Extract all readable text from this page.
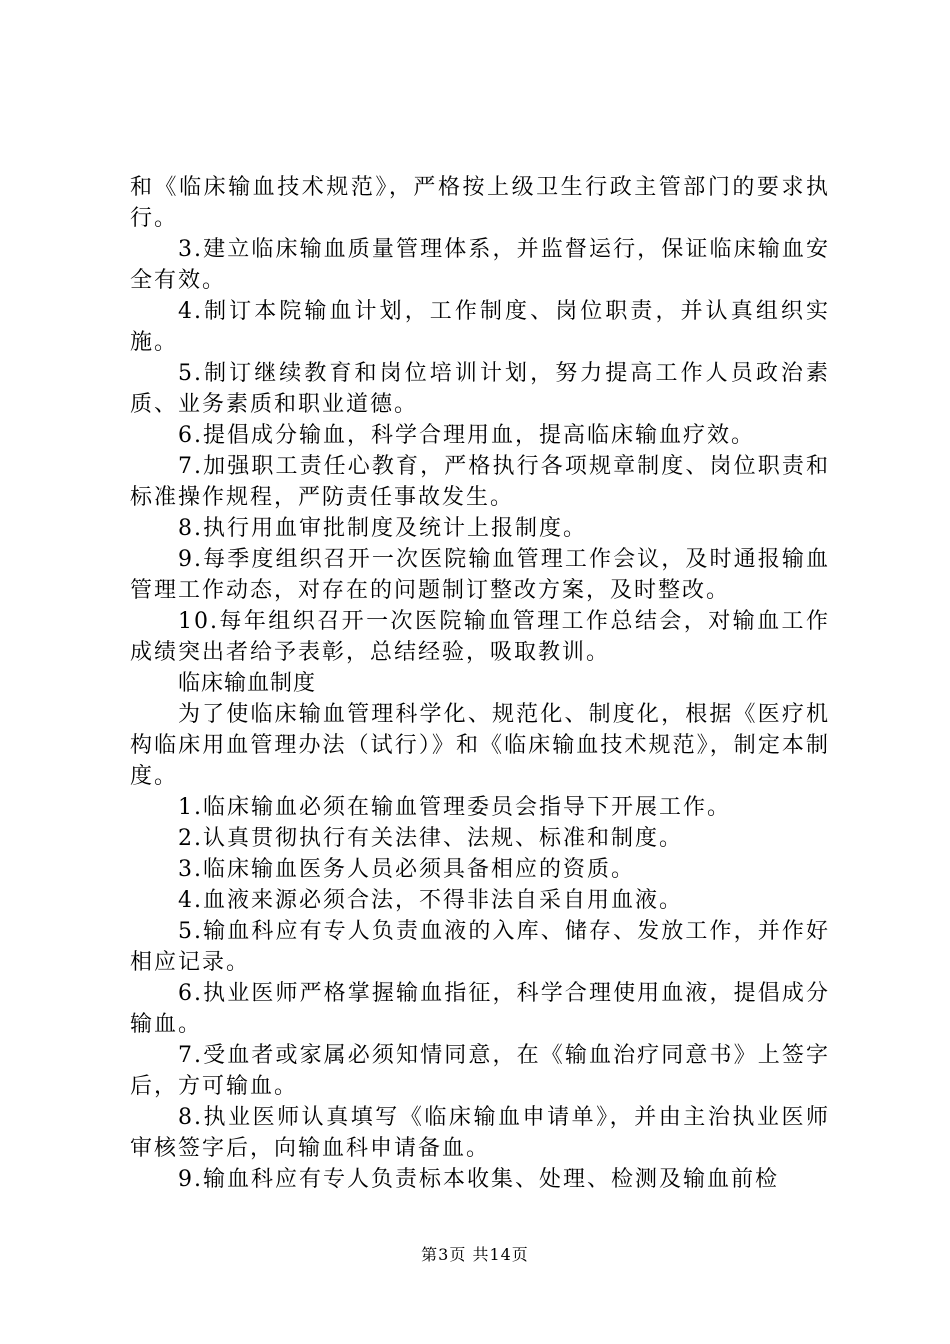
和《临床输血技术规范》，严格按上级卫生行政主管部门的要求执行。

3.建立临床输血质量管理体系，并监督运行，保证临床输血安全有效。

4.制订本院输血计划，工作制度、岗位职责，并认真组织实施。

5.制订继续教育和岗位培训计划，努力提高工作人员政治素质、业务素质和职业道德。

6.提倡成分输血，科学合理用血，提高临床输血疗效。

7.加强职工责任心教育，严格执行各项规章制度、岗位职责和标准操作规程，严防责任事故发生。

8.执行用血审批制度及统计上报制度。

9.每季度组织召开一次医院输血管理工作会议，及时通报输血管理工作动态，对存在的问题制订整改方案，及时整改。

10.每年组织召开一次医院输血管理工作总结会，对输血工作成绩突出者给予表彰，总结经验，吸取教训。

临床输血制度

为了使临床输血管理科学化、规范化、制度化，根据《医疗机构临床用血管理办法（试行）》和《临床输血技术规范》，制定本制度。

1.临床输血必须在输血管理委员会指导下开展工作。

2.认真贯彻执行有关法律、法规、标准和制度。

3.临床输血医务人员必须具备相应的资质。

4.血液来源必须合法，不得非法自采自用血液。

5.输血科应有专人负责血液的入库、储存、发放工作，并作好相应记录。

6.执业医师严格掌握输血指征，科学合理使用血液，提倡成分输血。

7.受血者或家属必须知情同意，在《输血治疗同意书》上签字后，方可输血。

8.执业医师认真填写《临床输血申请单》，并由主治执业医师审核签字后，向输血科申请备血。

9.输血科应有专人负责标本收集、处理、检测及输血前检

第3页 共14页
